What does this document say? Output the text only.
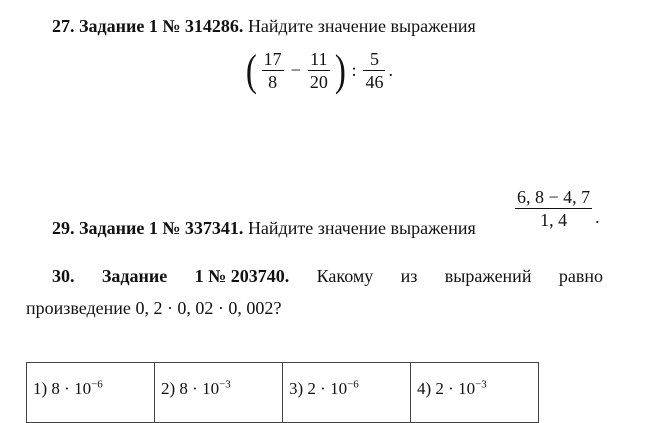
27. Задание 1 № 314286. Найдите значение выражения
( $\frac{17}{8} - \frac{11}{20}$ ) : $\frac{5}{46}$ .
29. Задание 1 № 337341. Найдите значение выражения $\frac{6, 8 - 4, 7}{1, 4}$ .
30. Задание 1 № 203740. Какому из выражений равно
произведение 0, 2 · 0, 02 · 0, 002?
1) $8 \cdot 10^{-6}$	2) $8 \cdot 10^{-3}$	3) $2 \cdot 10^{-6}$	4) $2 \cdot 10^{-3}$
